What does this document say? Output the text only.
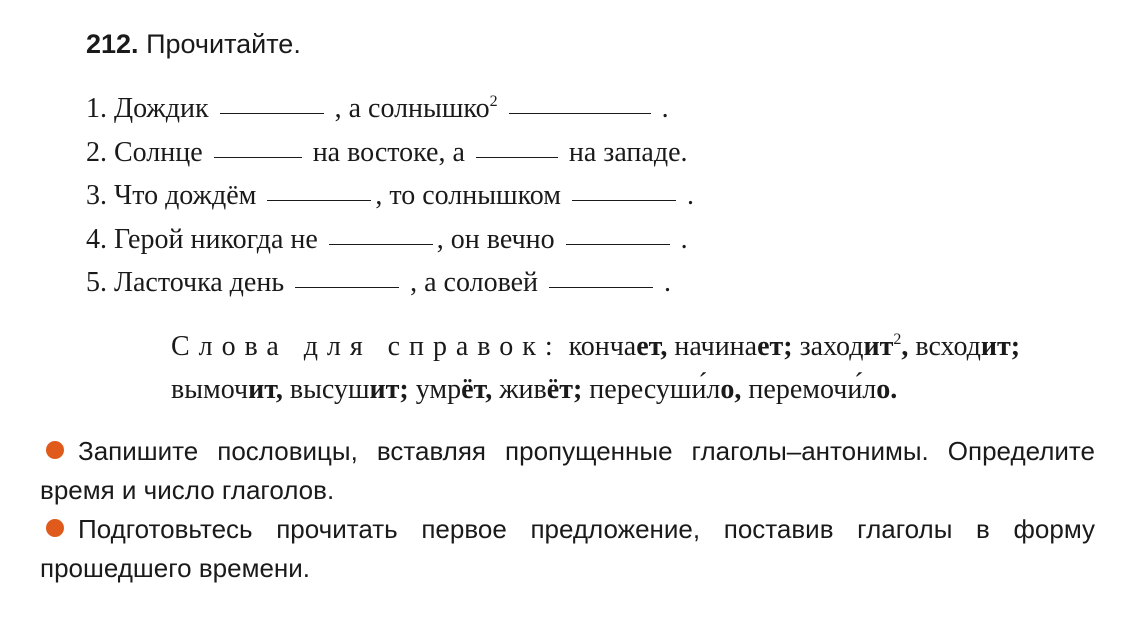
212. Прочитайте.
1. Дождик	, а солнышко$^2$	.
2. Солнце	на востоке, а	на западе.
3. Что дождём	, то солнышком	.
4. Герой никогда не	, он вечно	.
5. Ласточка день	, а соловей	.
Слова для справок: кончает, начинает; заходит$^2$, всходит;
вымочит, высушит; умрёт, живёт; пересуши́ло, перемочи́ло.
Запишите пословицы, вставляя пропущенные глаголы–антонимы. Определите время и число глаголов.
Подготовьтесь прочитать первое предложение, поставив глаголы в форму прошедшего времени.
